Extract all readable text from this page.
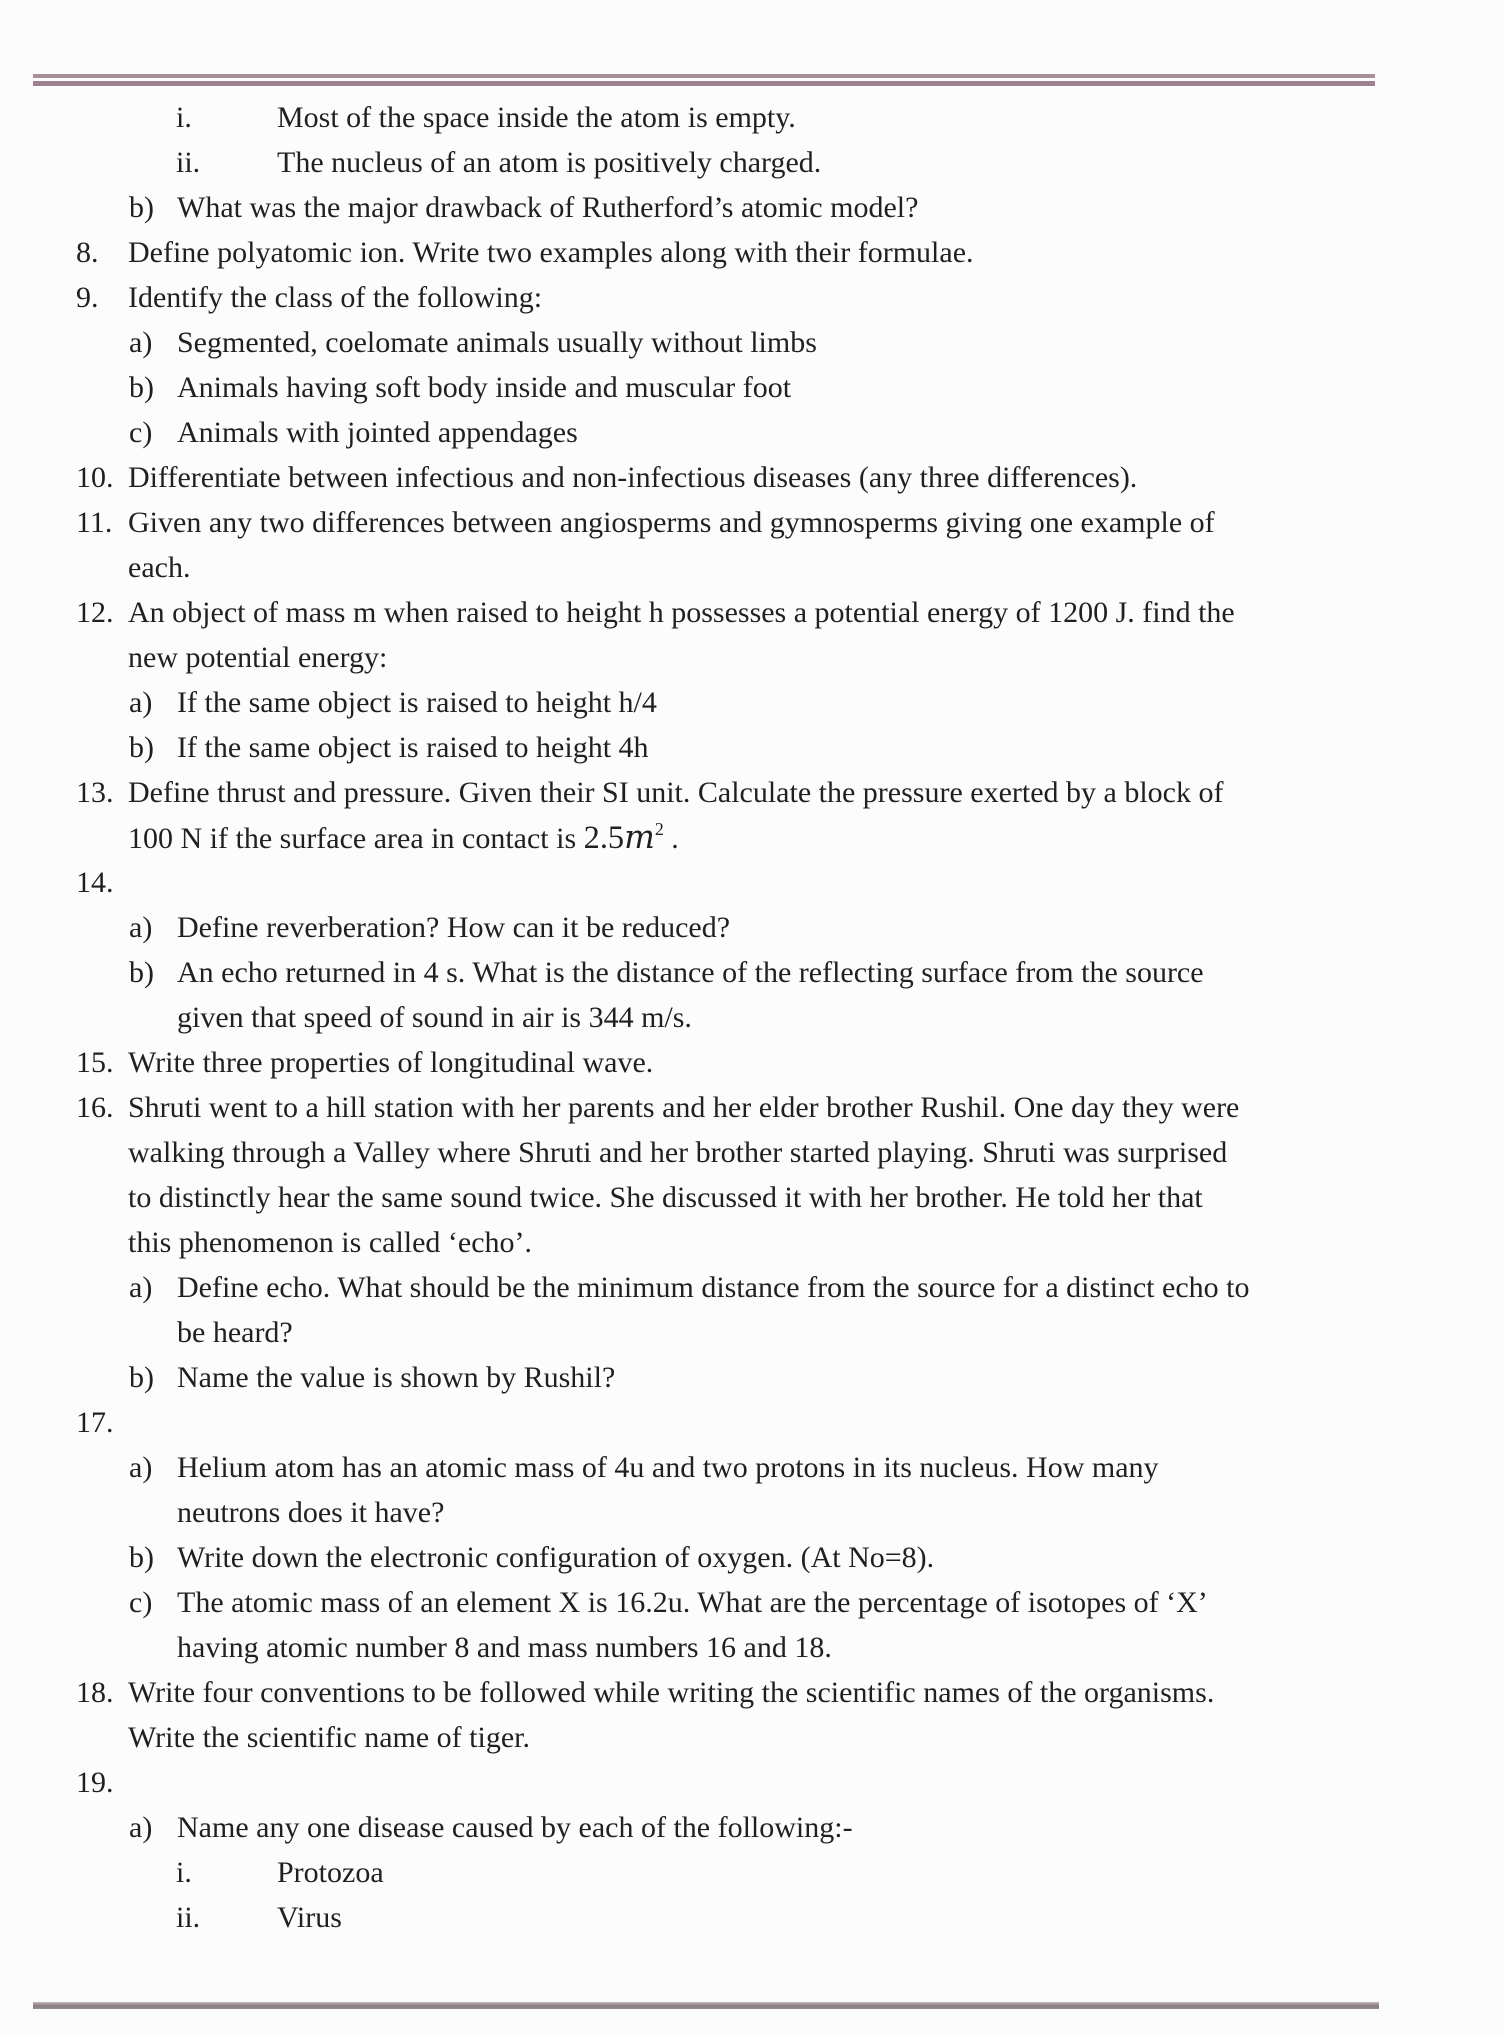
i.	Most of the space inside the atom is empty.
ii.	The nucleus of an atom is positively charged.
b) What was the major drawback of Rutherford’s atomic model?
8. Define polyatomic ion. Write two examples along with their formulae.
9. Identify the class of the following:
a) Segmented, coelomate animals usually without limbs
b) Animals having soft body inside and muscular foot
c) Animals with jointed appendages
10. Differentiate between infectious and non-infectious diseases (any three differences).
11. Given any two differences between angiosperms and gymnosperms giving one example of
each.
12. An object of mass m when raised to height h possesses a potential energy of 1200 J. find the
new potential energy:
a) If the same object is raised to height h/4
b) If the same object is raised to height 4h
13. Define thrust and pressure. Given their SI unit. Calculate the pressure exerted by a block of
100 N if the surface area in contact is $2.5m^2$ .
14.
a) Define reverberation? How can it be reduced?
b) An echo returned in 4 s. What is the distance of the reflecting surface from the source
given that speed of sound in air is 344 m/s.
15. Write three properties of longitudinal wave.
16. Shruti went to a hill station with her parents and her elder brother Rushil. One day they were
walking through a Valley where Shruti and her brother started playing. Shruti was surprised
to distinctly hear the same sound twice. She discussed it with her brother. He told her that
this phenomenon is called ‘echo’.
a) Define echo. What should be the minimum distance from the source for a distinct echo to
be heard?
b) Name the value is shown by Rushil?
17.
a) Helium atom has an atomic mass of 4u and two protons in its nucleus. How many
neutrons does it have?
b) Write down the electronic configuration of oxygen. (At No=8).
c) The atomic mass of an element X is 16.2u. What are the percentage of isotopes of ‘X’
having atomic number 8 and mass numbers 16 and 18.
18. Write four conventions to be followed while writing the scientific names of the organisms.
Write the scientific name of tiger.
19.
a) Name any one disease caused by each of the following:-
i.	Protozoa
ii.	Virus
